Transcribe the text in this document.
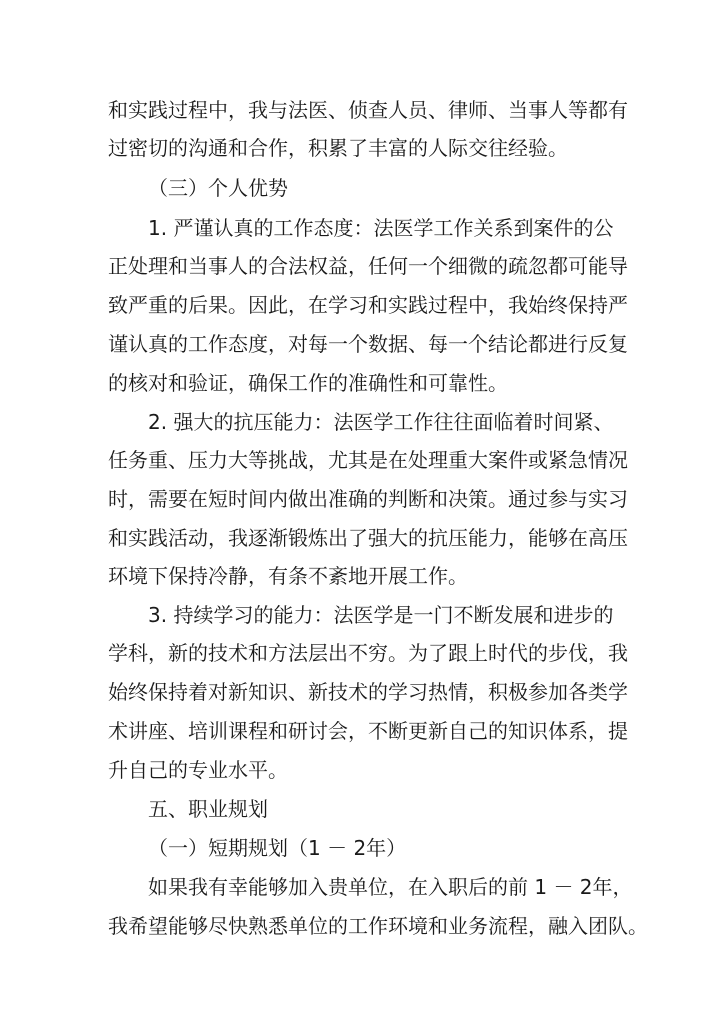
和实践过程中，我与法医、侦查人员、律师、当事人等都有
过密切的沟通和合作，积累了丰富的人际交往经验。
（三）个人优势
1. 严谨认真的工作态度：法医学工作关系到案件的公
正处理和当事人的合法权益，任何一个细微的疏忽都可能导
致严重的后果。因此，在学习和实践过程中，我始终保持严
谨认真的工作态度，对每一个数据、每一个结论都进行反复
的核对和验证，确保工作的准确性和可靠性。
2. 强大的抗压能力：法医学工作往往面临着时间紧、
任务重、压力大等挑战，尤其是在处理重大案件或紧急情况
时，需要在短时间内做出准确的判断和决策。通过参与实习
和实践活动，我逐渐锻炼出了强大的抗压能力，能够在高压
环境下保持冷静，有条不紊地开展工作。
3. 持续学习的能力：法医学是一门不断发展和进步的
学科，新的技术和方法层出不穷。为了跟上时代的步伐，我
始终保持着对新知识、新技术的学习热情，积极参加各类学
术讲座、培训课程和研讨会，不断更新自己的知识体系，提
升自己的专业水平。
五、职业规划
（一）短期规划（1 － 2年）
如果我有幸能够加入贵单位，在入职后的前 1 － 2年，
我希望能够尽快熟悉单位的工作环境和业务流程，融入团队。
